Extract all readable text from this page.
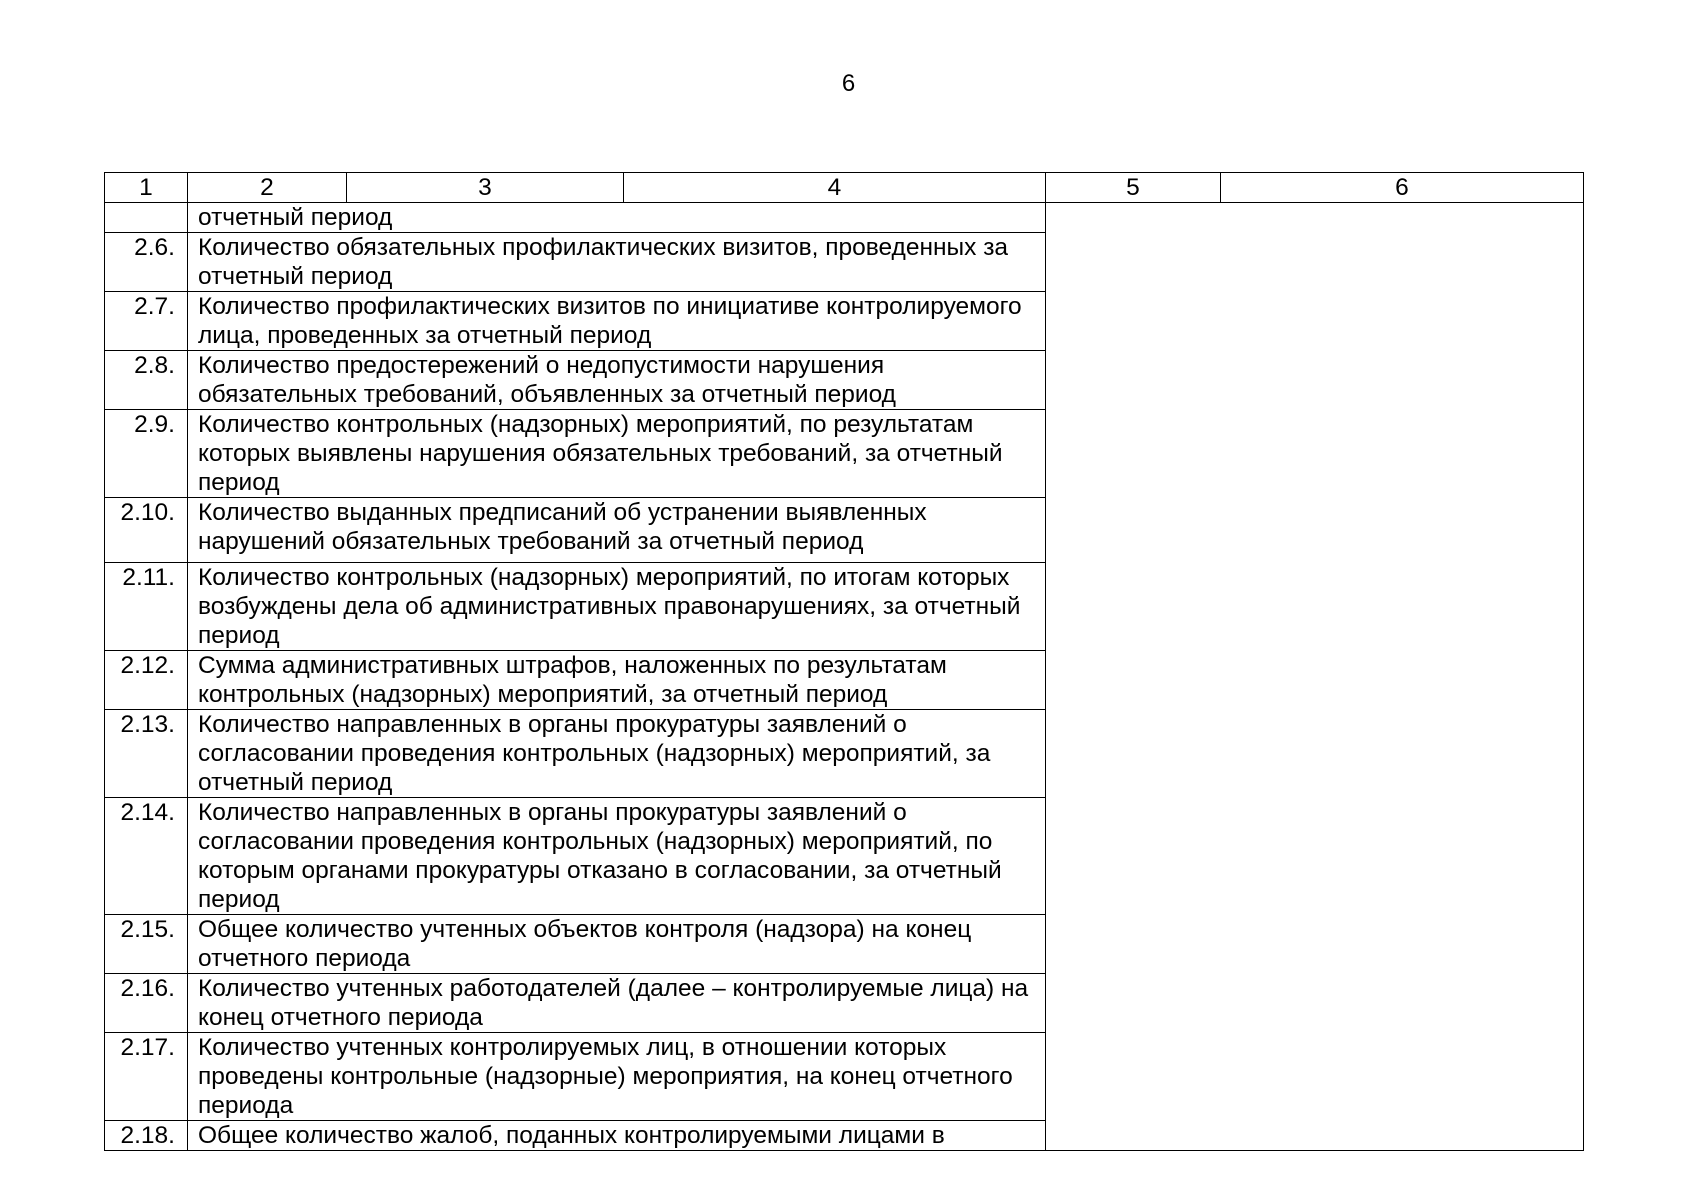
6
1	2	3	4	5	6
	отчетный период				
2.6.	Количество обязательных профилактических визитов, проведенных за отчетный период				
2.7.	Количество профилактических визитов по инициативе контролируемого лица, проведенных за отчетный период				
2.8.	Количество предостережений о недопустимости нарушения обязательных требований, объявленных за отчетный период				
2.9.	Количество контрольных (надзорных) мероприятий, по результатам которых выявлены нарушения обязательных требований, за отчетный период				
2.10.	Количество выданных предписаний об устранении выявленных нарушений обязательных требований за отчетный период				
2.11.	Количество контрольных (надзорных) мероприятий, по итогам которых возбуждены дела об административных правонарушениях, за отчетный период				
2.12.	Сумма административных штрафов, наложенных по результатам контрольных (надзорных) мероприятий, за отчетный период				
2.13.	Количество направленных в органы прокуратуры заявлений о согласовании проведения контрольных (надзорных) мероприятий, за отчетный период				
2.14.	Количество направленных в органы прокуратуры заявлений о согласовании проведения контрольных (надзорных) мероприятий, по которым органами прокуратуры отказано в согласовании, за отчетный период				
2.15.	Общее количество учтенных объектов контроля (надзора) на конец отчетного периода				
2.16.	Количество учтенных работодателей (далее – контролируемые лица) на конец отчетного периода				
2.17.	Количество учтенных контролируемых лиц, в отношении которых проведены контрольные (надзорные) мероприятия, на конец отчетного периода				
2.18.	Общее количество жалоб, поданных контролируемыми лицами в				
